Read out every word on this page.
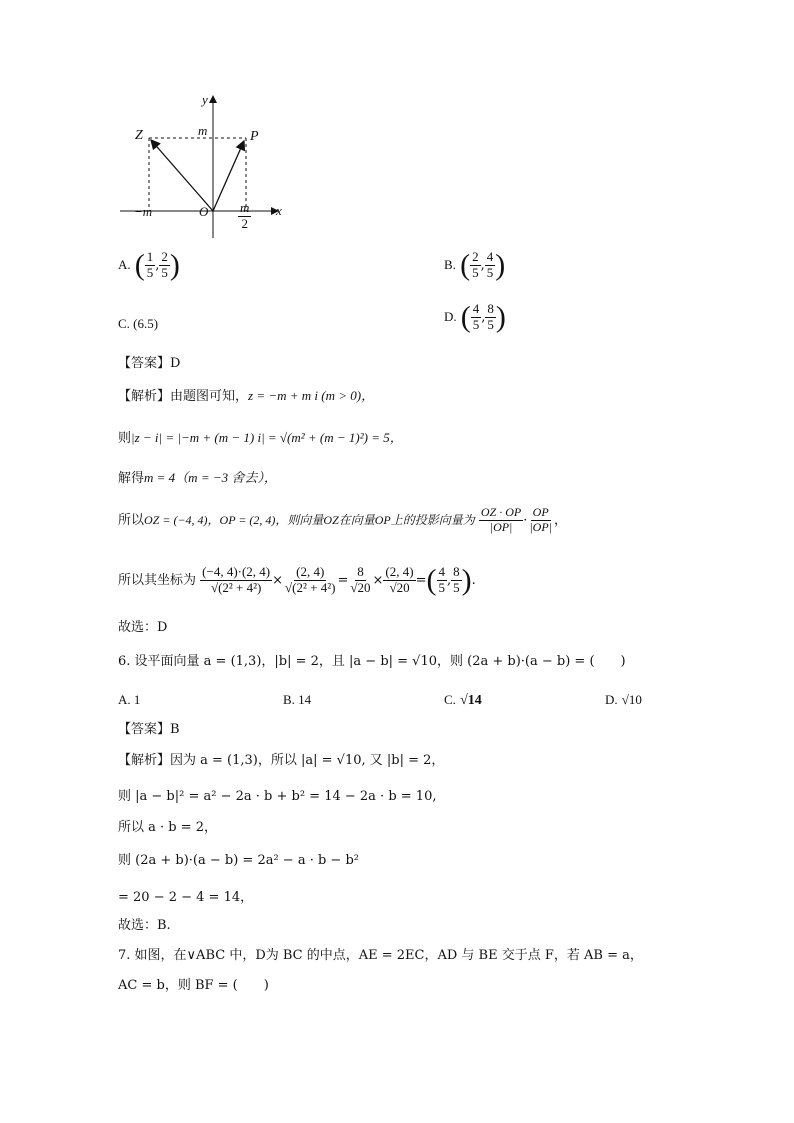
y
x
m
Z	P
O
−m	$\frac{m}{2}$
A. ( $\frac{1}{5}$ , $\frac{2}{5}$ )	B. ( $\frac{2}{5}$ , $\frac{4}{5}$ )
C. (6.5)	D. ( $\frac{4}{5}$ , $\frac{8}{5}$ )
【答案】D
【解析】由题图可知，z = −m + m i (m > 0)，
则|z − i| = |−m + (m − 1) i| = √(m² + (m − 1)²) = 5，
解得m = 4（m = −3 舍去），
所以OZ = (−4, 4)，OP = (2, 4)，则向量OZ在向量OP上的投影向量为 $\frac{OZ \cdot OP}{|OP|} \cdot \frac{OP}{|OP|}$ ，
所以其坐标为 $\frac{(-4, 4)\cdot(2, 4)}{\text{√(2² + 4²)}} \times \frac{(2, 4)}{\text{√(2² + 4²)}} = \frac{8}{√20} \times \frac{(2, 4)}{√20}$ =( $\frac{4}{5}$ , $\frac{8}{5}$ ).
故选：D
6. 设平面向量 a = (1,3)，|b| = 2，且 |a − b| = √10，则 (2a + b)·(a − b) = (　　)
A. 1	B. 14	C. √14	D. √10
【答案】B
【解析】因为 a = (1,3)，所以 |a| = √10, 又 |b| = 2，
则 |a − b|² = a² − 2a · b + b² = 14 − 2a · b = 10,
所以 a · b = 2，
则 (2a + b)·(a − b) = 2a² − a · b − b²
= 20 − 2 − 4 = 14，
故选：B.
7. 如图，在∨ABC 中，D为 BC 的中点，AE = 2EC，AD 与 BE 交于点 F，若 AB = a，
AC = b，则 BF = (　　)
